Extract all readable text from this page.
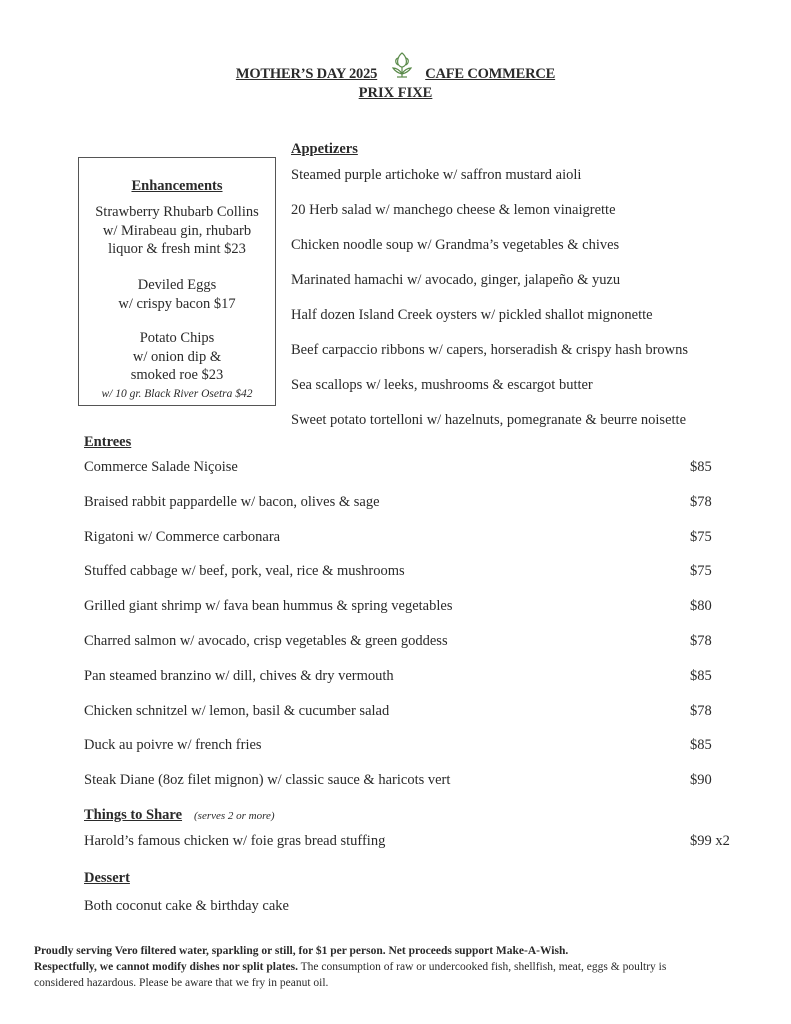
MOTHER’S DAY 2025	CAFE COMMERCE
PRIX FIXE
Enhancements
Strawberry Rhubarb Collins
w/ Mirabeau gin, rhubarb
liquor & fresh mint $23
Deviled Eggs
w/ crispy bacon $17
Potato Chips
w/ onion dip &
smoked roe $23
w/ 10 gr. Black River Osetra $42
Appetizers
Steamed purple artichoke w/ saffron mustard aioli
20 Herb salad w/ manchego cheese & lemon vinaigrette
Chicken noodle soup w/ Grandma’s vegetables & chives
Marinated hamachi w/ avocado, ginger, jalapeño & yuzu
Half dozen Island Creek oysters w/ pickled shallot mignonette
Beef carpaccio ribbons w/ capers, horseradish & crispy hash browns
Sea scallops w/ leeks, mushrooms & escargot butter
Sweet potato tortelloni w/ hazelnuts, pomegranate & beurre noisette
Entrees
Commerce Salade Niçoise	$85
Braised rabbit pappardelle w/ bacon, olives & sage	$78
Rigatoni w/ Commerce carbonara	$75
Stuffed cabbage w/ beef, pork, veal, rice & mushrooms	$75
Grilled giant shrimp w/ fava bean hummus & spring vegetables	$80
Charred salmon w/ avocado, crisp vegetables & green goddess	$78
Pan steamed branzino w/ dill, chives & dry vermouth	$85
Chicken schnitzel w/ lemon, basil & cucumber salad	$78
Duck au poivre w/ french fries	$85
Steak Diane (8oz filet mignon) w/ classic sauce & haricots vert	$90
Things to Share (serves 2 or more)
Harold’s famous chicken w/ foie gras bread stuffing	$99 x2
Dessert
Both coconut cake & birthday cake
Proudly serving Vero filtered water, sparkling or still, for $1 per person. Net proceeds support Make-A-Wish.
Respectfully, we cannot modify dishes nor split plates. The consumption of raw or undercooked fish, shellfish, meat, eggs & poultry is
considered hazardous. Please be aware that we fry in peanut oil.
